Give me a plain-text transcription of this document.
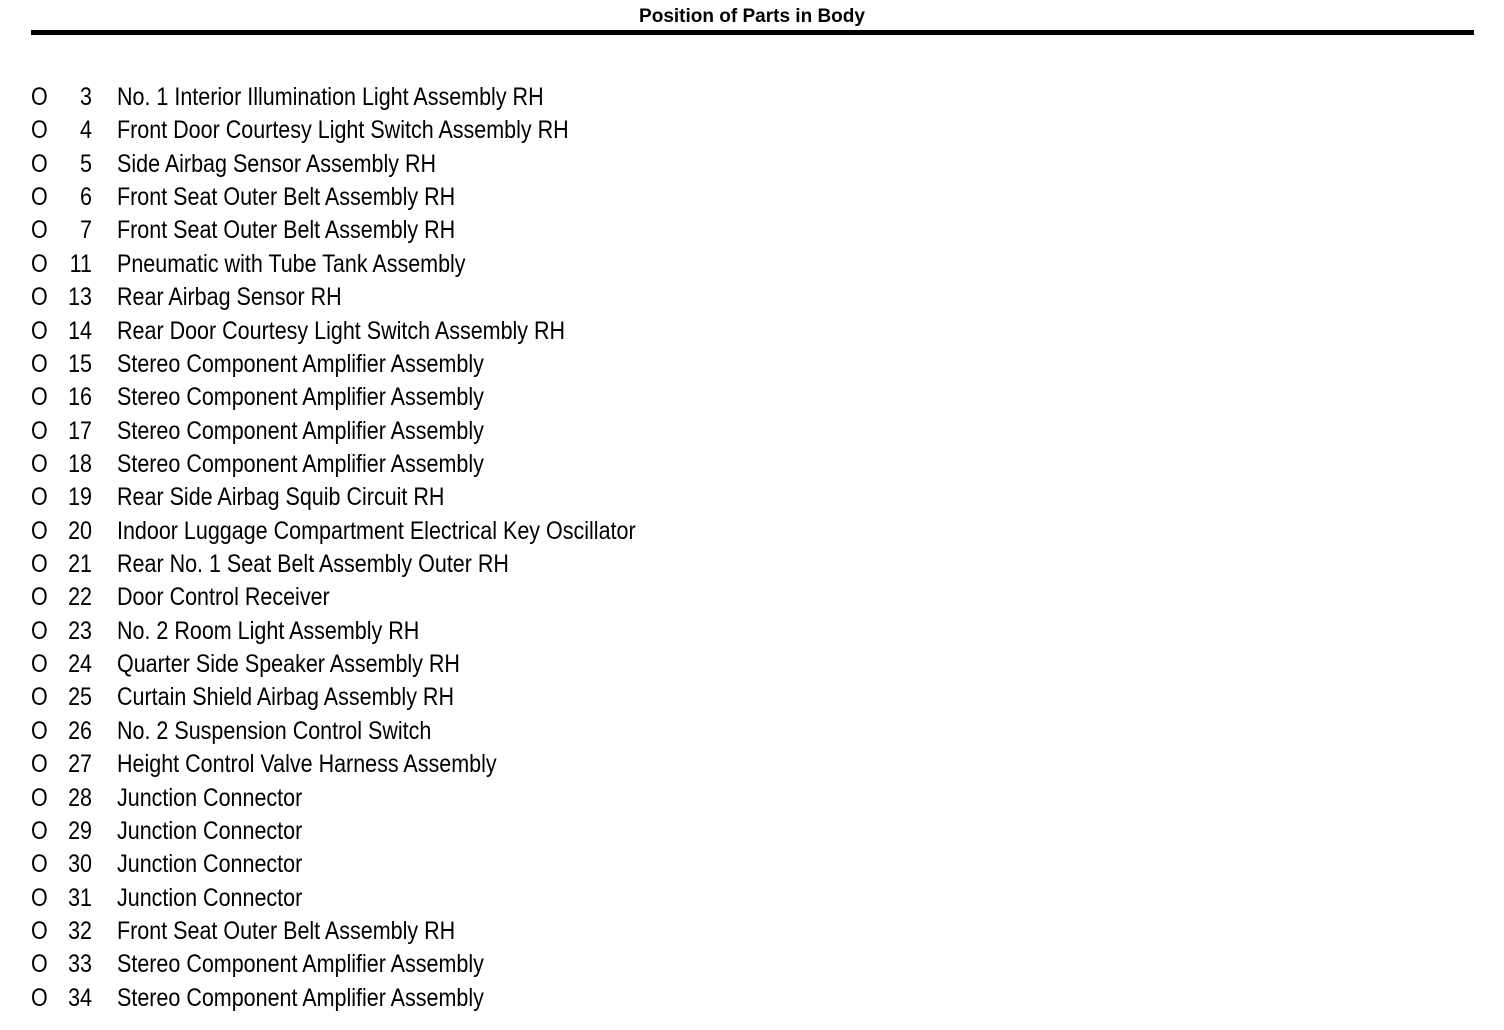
Position of Parts in Body
O	3 No. 1 Interior Illumination Light Assembly RH
O	4 Front Door Courtesy Light Switch Assembly RH
O	5 Side Airbag Sensor Assembly RH
O	6 Front Seat Outer Belt Assembly RH
O	7 Front Seat Outer Belt Assembly RH
O 11 Pneumatic with Tube Tank Assembly
O 13 Rear Airbag Sensor RH
O 14 Rear Door Courtesy Light Switch Assembly RH
O 15 Stereo Component Amplifier Assembly
O 16 Stereo Component Amplifier Assembly
O 17 Stereo Component Amplifier Assembly
O 18 Stereo Component Amplifier Assembly
O 19 Rear Side Airbag Squib Circuit RH
O 20 Indoor Luggage Compartment Electrical Key Oscillator
O 21 Rear No. 1 Seat Belt Assembly Outer RH
O 22 Door Control Receiver
O 23 No. 2 Room Light Assembly RH
O 24 Quarter Side Speaker Assembly RH
O 25 Curtain Shield Airbag Assembly RH
O 26 No. 2 Suspension Control Switch
O 27 Height Control Valve Harness Assembly
O 28 Junction Connector
O 29 Junction Connector
O 30 Junction Connector
O 31 Junction Connector
O 32 Front Seat Outer Belt Assembly RH
O 33 Stereo Component Amplifier Assembly
O 34 Stereo Component Amplifier Assembly
